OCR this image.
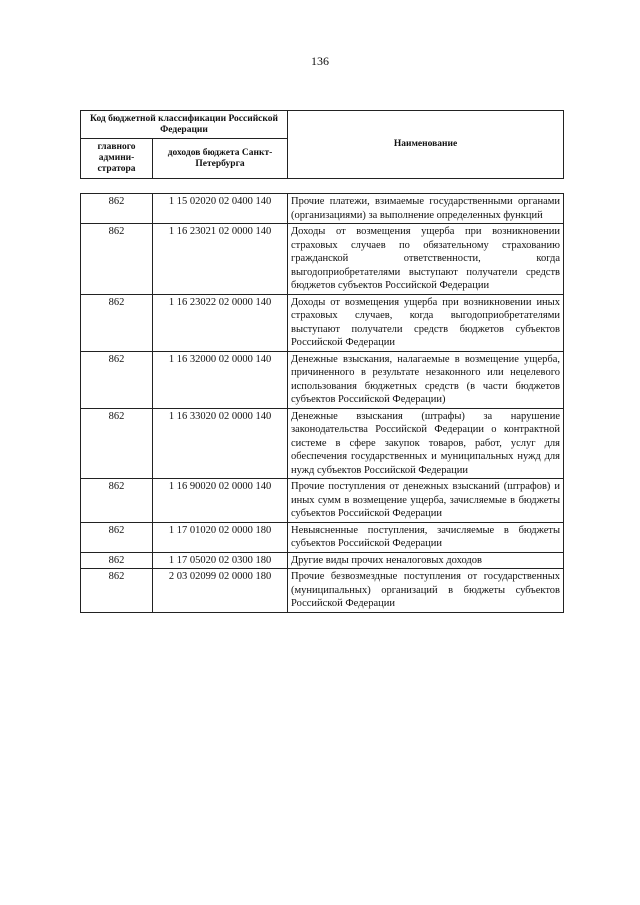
136
Код бюджетной классификации Российской Федерации		Наименование
главного админи- стратора	доходов бюджета Санкт-Петербурга	
862	1 15 02020 02 0400 140	Прочие платежи, взимаемые государственными органами (организациями) за выполнение определенных функций
862	1 16 23021 02 0000 140	Доходы от возмещения ущерба при возникновении страховых случаев по обязательному страхованию гражданской ответственности, когда выгодоприобретателями выступают получатели средств бюджетов субъектов Российской Федерации
862	1 16 23022 02 0000 140	Доходы от возмещения ущерба при возникновении иных страховых случаев, когда выгодоприобретателями выступают получатели средств бюджетов субъектов Российской Федерации
862	1 16 32000 02 0000 140	Денежные взыскания, налагаемые в возмещение ущерба, причиненного в результате незаконного или нецелевого использования бюджетных средств (в части бюджетов субъектов Российской Федерации)
862	1 16 33020 02 0000 140	Денежные взыскания (штрафы) за нарушение законодательства Российской Федерации о контрактной системе в сфере закупок товаров, работ, услуг для обеспечения государственных и муниципальных нужд для нужд субъектов Российской Федерации
862	1 16 90020 02 0000 140	Прочие поступления от денежных взысканий (штрафов) и иных сумм в возмещение ущерба, зачисляемые в бюджеты субъектов Российской Федерации
862	1 17 01020 02 0000 180	Невыясненные поступления, зачисляемые в бюджеты субъектов Российской Федерации
862	1 17 05020 02 0300 180	Другие виды прочих неналоговых доходов
862	2 03 02099 02 0000 180	Прочие безвозмездные поступления от государственных (муниципальных) организаций в бюджеты субъектов Российской Федерации
